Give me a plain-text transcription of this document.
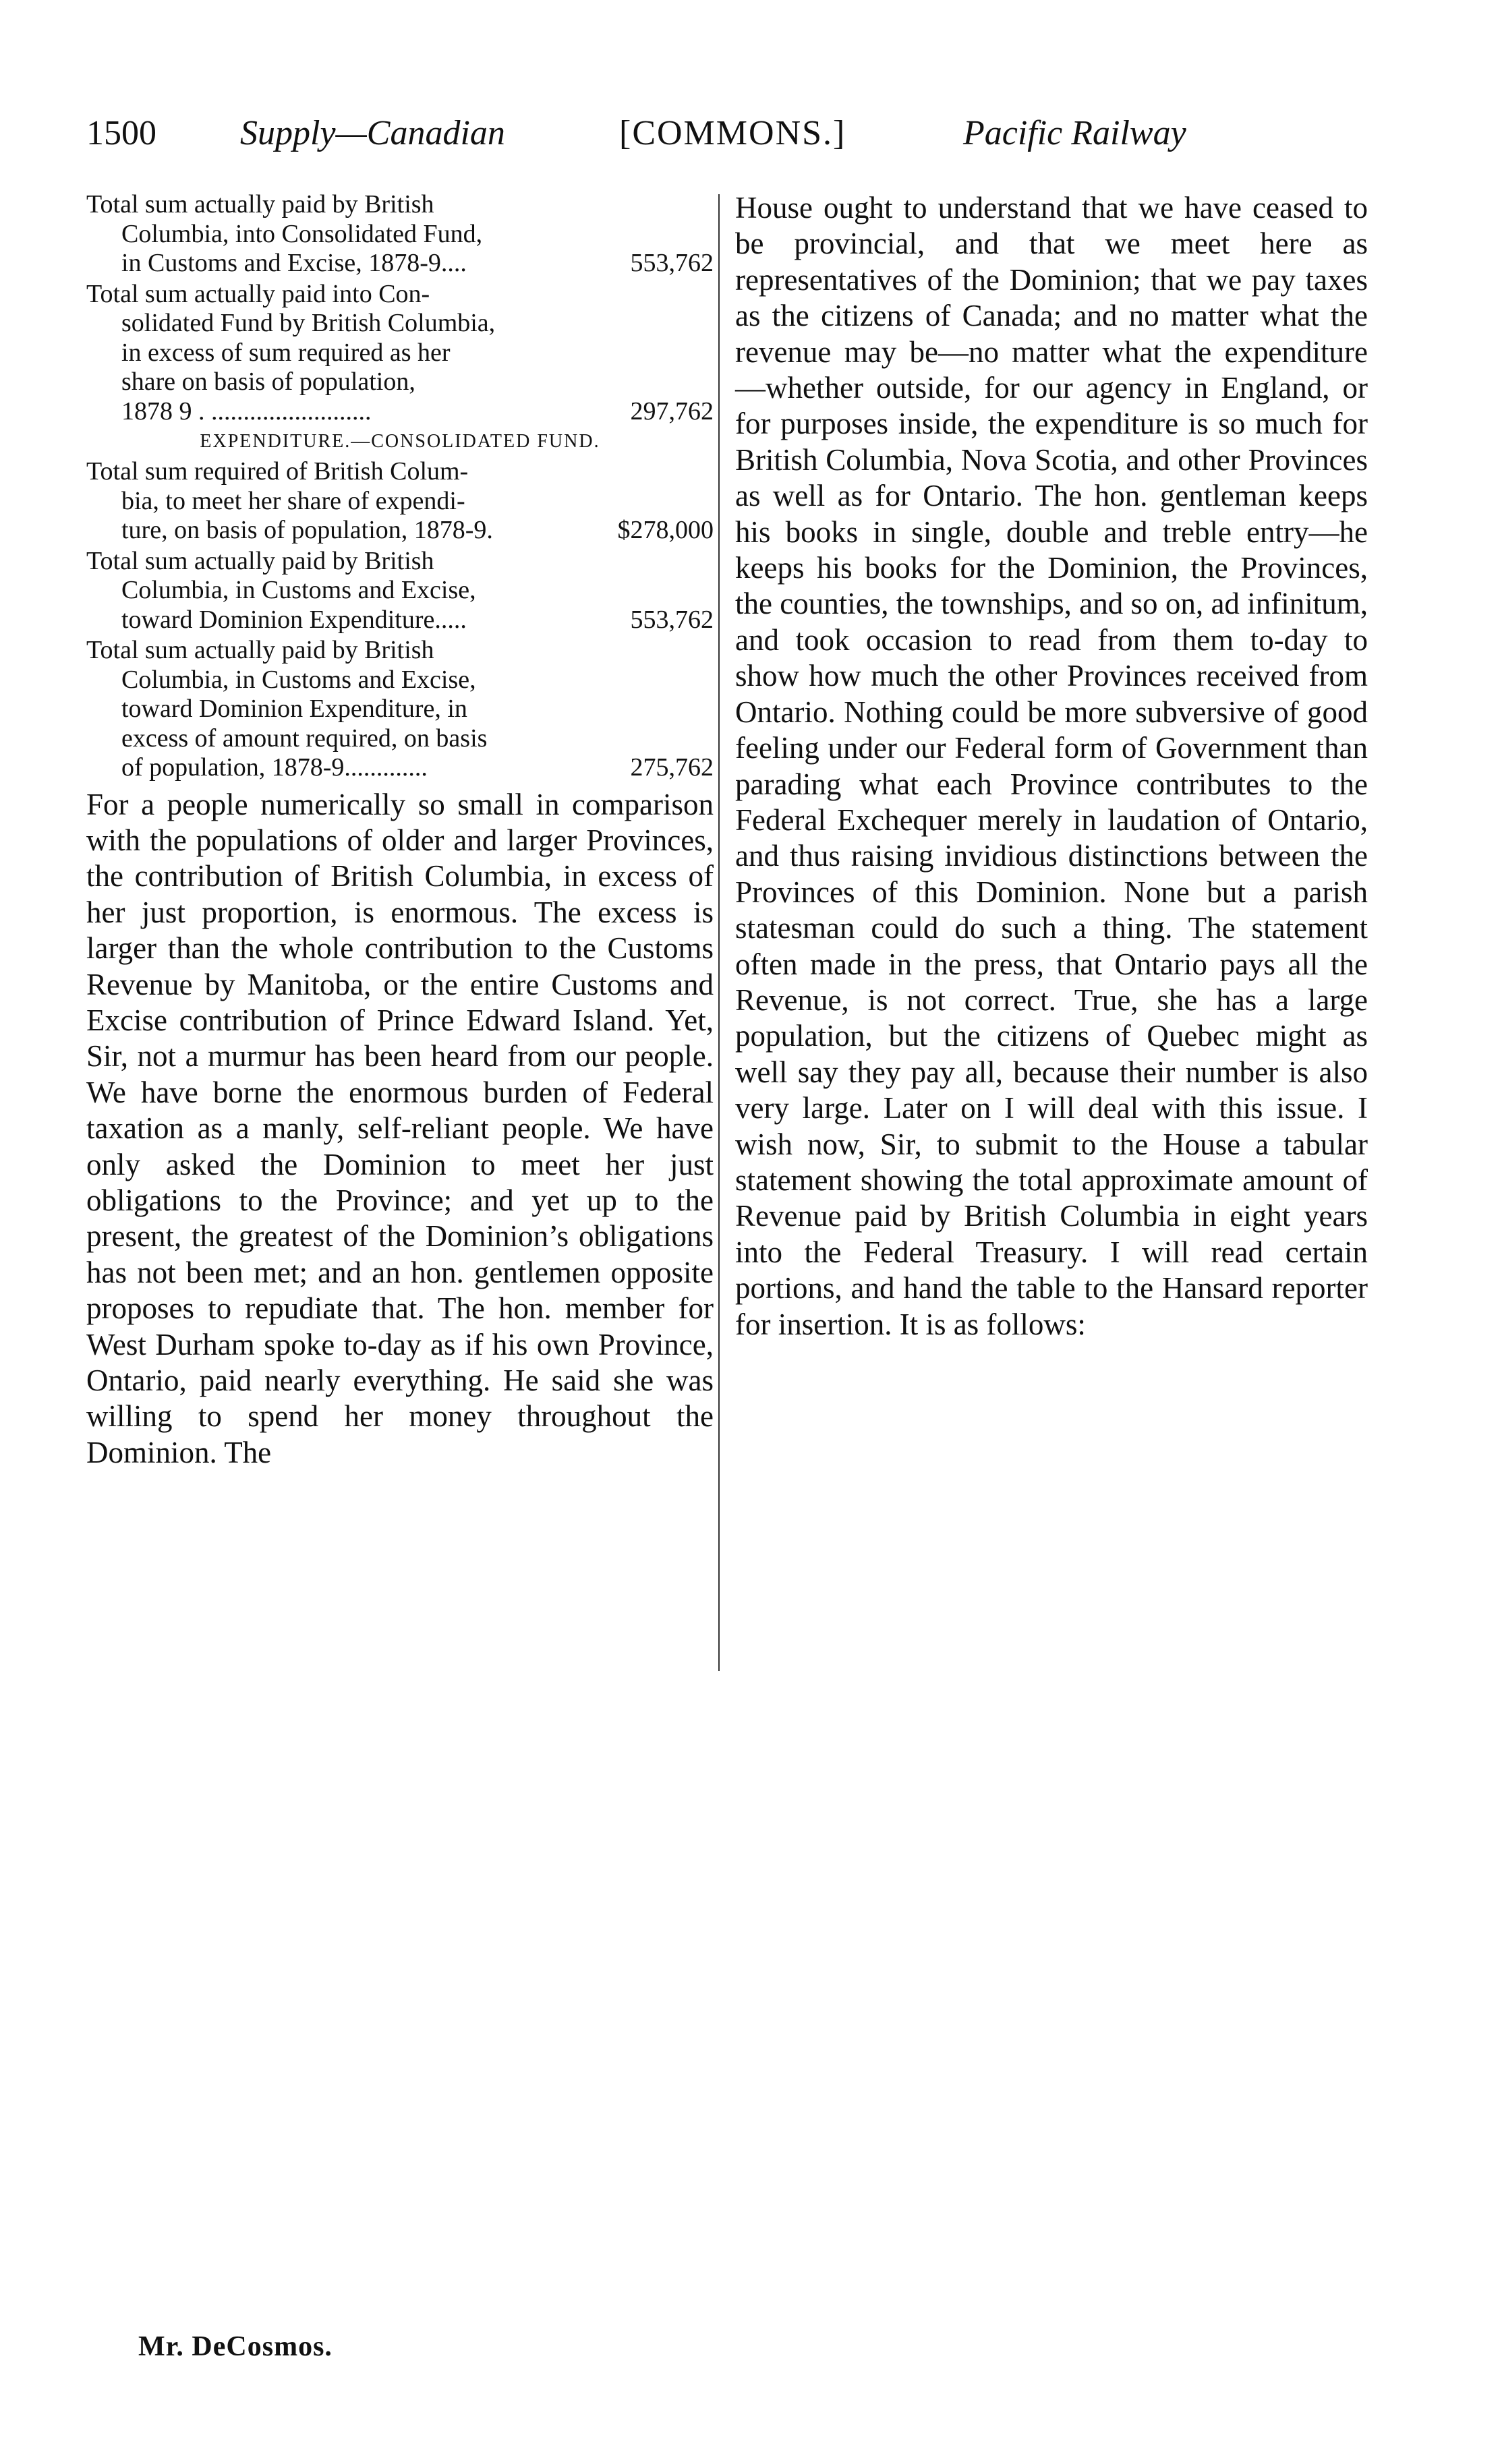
1500 Supply—Canadian	[COMMONS.]	Pacific Railway
Total sum actually paid by British
Columbia, into Consolidated Fund,
in Customs and Excise, 1878-9....	553,762
Total sum actually paid into Con-
solidated Fund by British Columbia,
in excess of sum required as her
share on basis of population,
1878 9 . .........................	297,762
EXPENDITURE.—CONSOLIDATED FUND.
Total sum required of British Colum-
bia, to meet her share of expendi-
ture, on basis of population, 1878-9.	$278,000
Total sum actually paid by British
Columbia, in Customs and Excise,
toward Dominion Expenditure.....	553,762
Total sum actually paid by British
Columbia, in Customs and Excise,
toward Dominion Expenditure, in
excess of amount required, on basis
of population, 1878-9.............	275,762
For a people numerically so small in comparison with the populations of older and larger Provinces, the contribution of British Columbia, in excess of her just proportion, is enormous. The excess is larger than the whole contribution to the Customs Revenue by Manitoba, or the entire Customs and Excise contribution of Prince Edward Island. Yet, Sir, not a murmur has been heard from our people. We have borne the enormous burden of Federal taxation as a manly, self-reliant people. We have only asked the Dominion to meet her just obligations to the Province; and yet up to the present, the greatest of the Dominion’s obligations has not been met; and an hon. gentlemen opposite proposes to repudiate that. The hon. member for West Durham spoke to-day as if his own Province, Ontario, paid nearly everything. He said she was willing to spend her money throughout the Dominion. The
House ought to understand that we have ceased to be provincial, and that we meet here as representatives of the Dominion; that we pay taxes as the citizens of Canada; and no matter what the revenue may be—no matter what the expenditure —whether outside, for our agency in England, or for purposes inside, the expenditure is so much for British Columbia, Nova Scotia, and other Provinces as well as for Ontario. The hon. gentleman keeps his books in single, double and treble entry—he keeps his books for the Dominion, the Provinces, the counties, the townships, and so on, ad infinitum, and took occasion to read from them to-day to show how much the other Provinces received from Ontario. Nothing could be more subversive of good feeling under our Federal form of Government than parading what each Province contributes to the Federal Exchequer merely in laudation of Ontario, and thus raising invidious distinctions between the Provinces of this Dominion. None but a parish statesman could do such a thing. The statement often made in the press, that Ontario pays all the Revenue, is not correct. True, she has a large population, but the citizens of Quebec might as well say they pay all, because their number is also very large. Later on I will deal with this issue. I wish now, Sir, to submit to the House a tabular statement showing the total approximate amount of Revenue paid by British Columbia in eight years into the Federal Treasury. I will read certain portions, and hand the table to the Hansard reporter for insertion. It is as follows:
Mr. DeCosmos.
